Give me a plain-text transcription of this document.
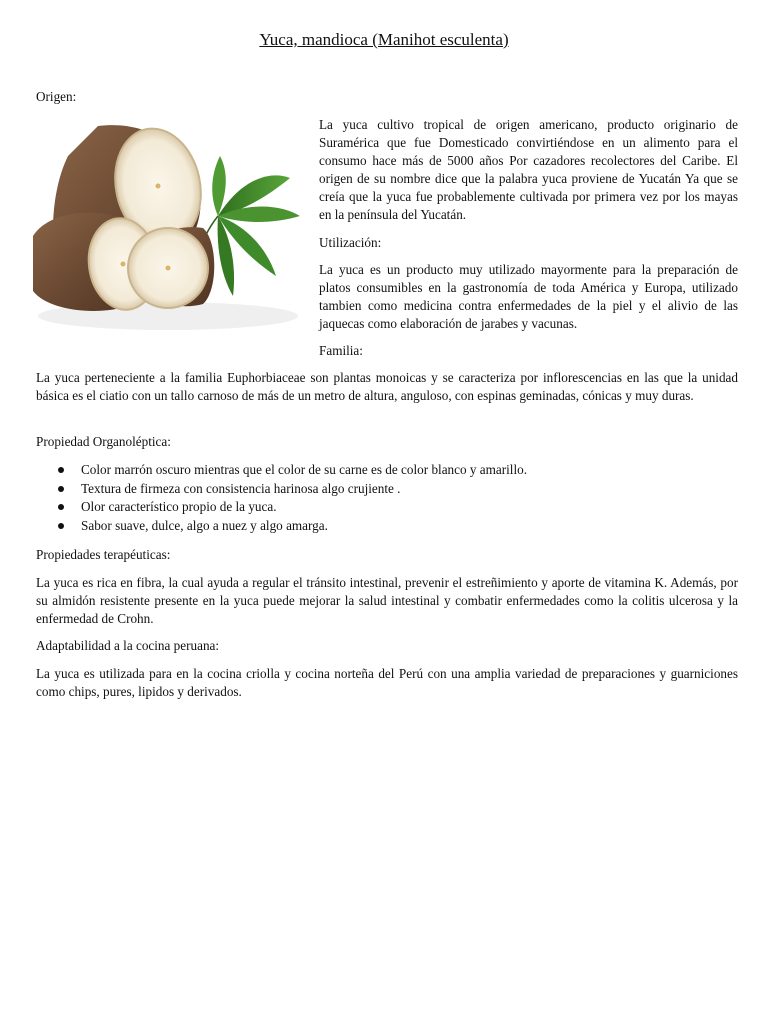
Yuca, mandioca (Manihot esculenta)
Origen:

La yuca cultivo tropical de origen americano, producto originario de Suramérica que fue Domesticado convirtiéndose en un alimento para el consumo hace más de 5000 años Por cazadores recolectores del Caribe. El origen de su nombre dice que la palabra yuca proviene de Yucatán Ya que se creía que la yuca fue probablemente cultivada por primera vez por los mayas en la península del Yucatán.

Utilización:

La yuca es un producto muy utilizado mayormente para la preparación de platos consumibles en la gastronomía de toda América y Europa, utilizado tambien como medicina contra enfermedades de la piel y el alivio de las jaquecas como elaboración de jarabes y vacunas.

Familia:

La yuca perteneciente a la familia Euphorbiaceae son plantas monoicas y se caracteriza por inflorescencias en las que la unidad básica es el ciatio con un tallo carnoso de más de un metro de altura, anguloso, con espinas geminadas, cónicas y muy duras.

Propiedad Organoléptica:
Color marrón oscuro mientras que el color de su carne es de color blanco y amarillo.
Textura de firmeza con consistencia harinosa algo crujiente .
Olor característico propio de la yuca.
Sabor suave, dulce, algo a nuez y algo amarga.
Propiedades terapéuticas:

La yuca es rica en fibra, la cual ayuda a regular el tránsito intestinal, prevenir el estreñimiento y aporte de vitamina K. Además, por su almidón resistente presente en la yuca puede mejorar la salud intestinal y combatir enfermedades como la colitis ulcerosa y la enfermedad de Crohn.

Adaptabilidad a la cocina peruana:

La yuca es utilizada para en la cocina criolla y cocina norteña del Perú con una amplia variedad de preparaciones y guarniciones como chips, pures, lipidos y derivados.
